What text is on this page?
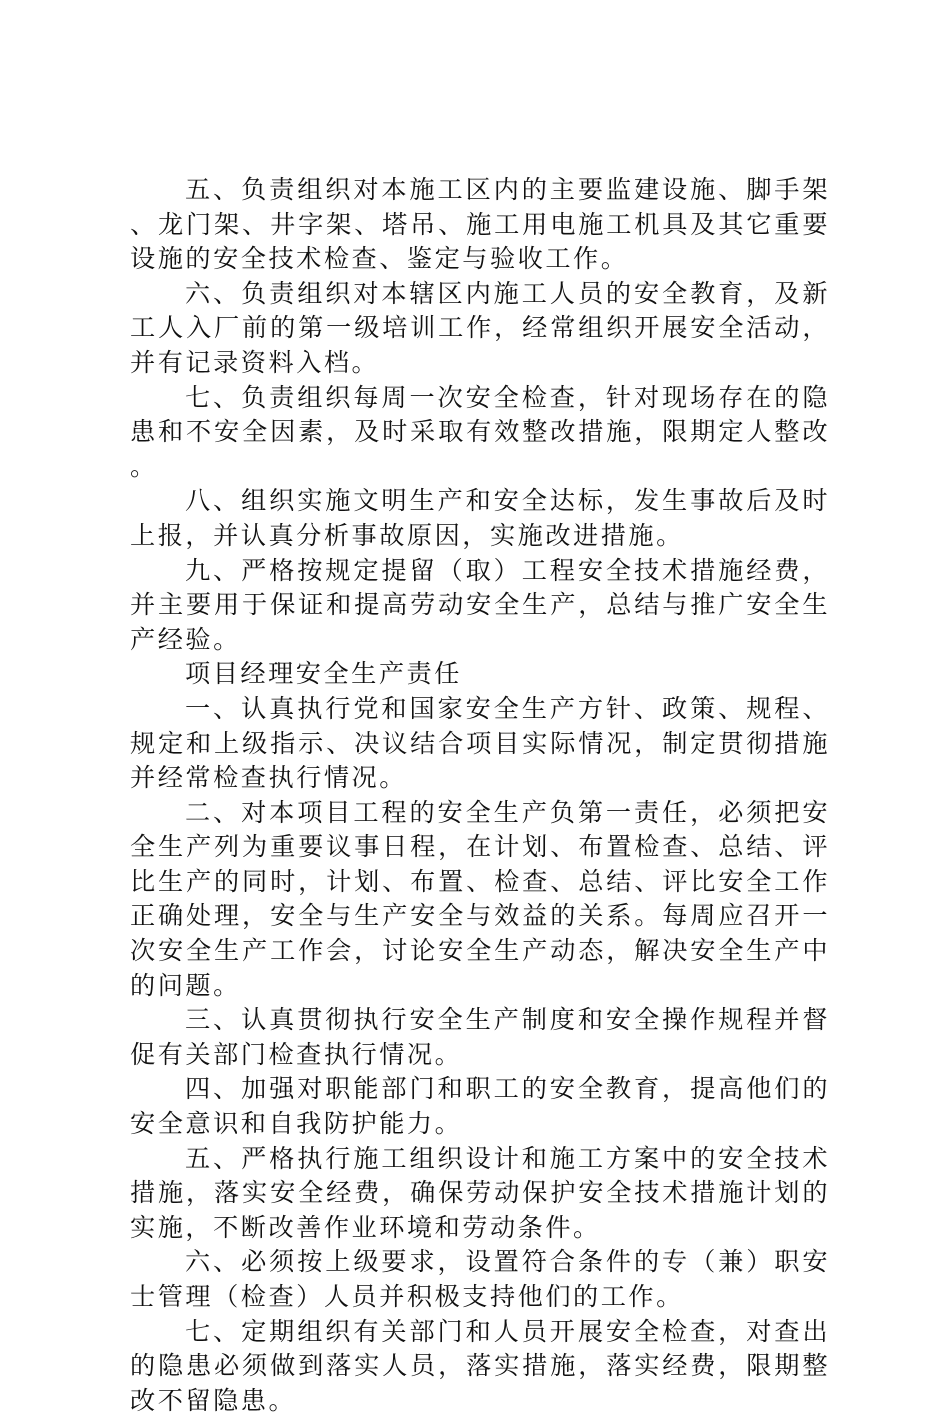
五、负责组织对本施工区内的主要监建设施、脚手架、龙门架、井字架、塔吊、施工用电施工机具及其它重要设施的安全技术检查、鉴定与验收工作。

六、负责组织对本辖区内施工人员的安全教育，及新工人入厂前的第一级培训工作，经常组织开展安全活动，并有记录资料入档。

七、负责组织每周一次安全检查，针对现场存在的隐患和不安全因素，及时采取有效整改措施，限期定人整改。

八、组织实施文明生产和安全达标，发生事故后及时上报，并认真分析事故原因，实施改进措施。

九、严格按规定提留（取）工程安全技术措施经费，并主要用于保证和提高劳动安全生产，总结与推广安全生产经验。

项目经理安全生产责任

一、认真执行党和国家安全生产方针、政策、规程、规定和上级指示、决议结合项目实际情况，制定贯彻措施并经常检查执行情况。

二、对本项目工程的安全生产负第一责任，必须把安全生产列为重要议事日程，在计划、布置检查、总结、评比生产的同时，计划、布置、检查、总结、评比安全工作正确处理，安全与生产安全与效益的关系。每周应召开一次安全生产工作会，讨论安全生产动态，解决安全生产中的问题。

三、认真贯彻执行安全生产制度和安全操作规程并督促有关部门检查执行情况。

四、加强对职能部门和职工的安全教育，提高他们的安全意识和自我防护能力。

五、严格执行施工组织设计和施工方案中的安全技术措施，落实安全经费，确保劳动保护安全技术措施计划的实施，不断改善作业环境和劳动条件。

六、必须按上级要求，设置符合条件的专（兼）职安士管理（检查）人员并积极支持他们的工作。

七、定期组织有关部门和人员开展安全检查，对查出的隐患必须做到落实人员，落实措施，落实经费，限期整改不留隐患。
